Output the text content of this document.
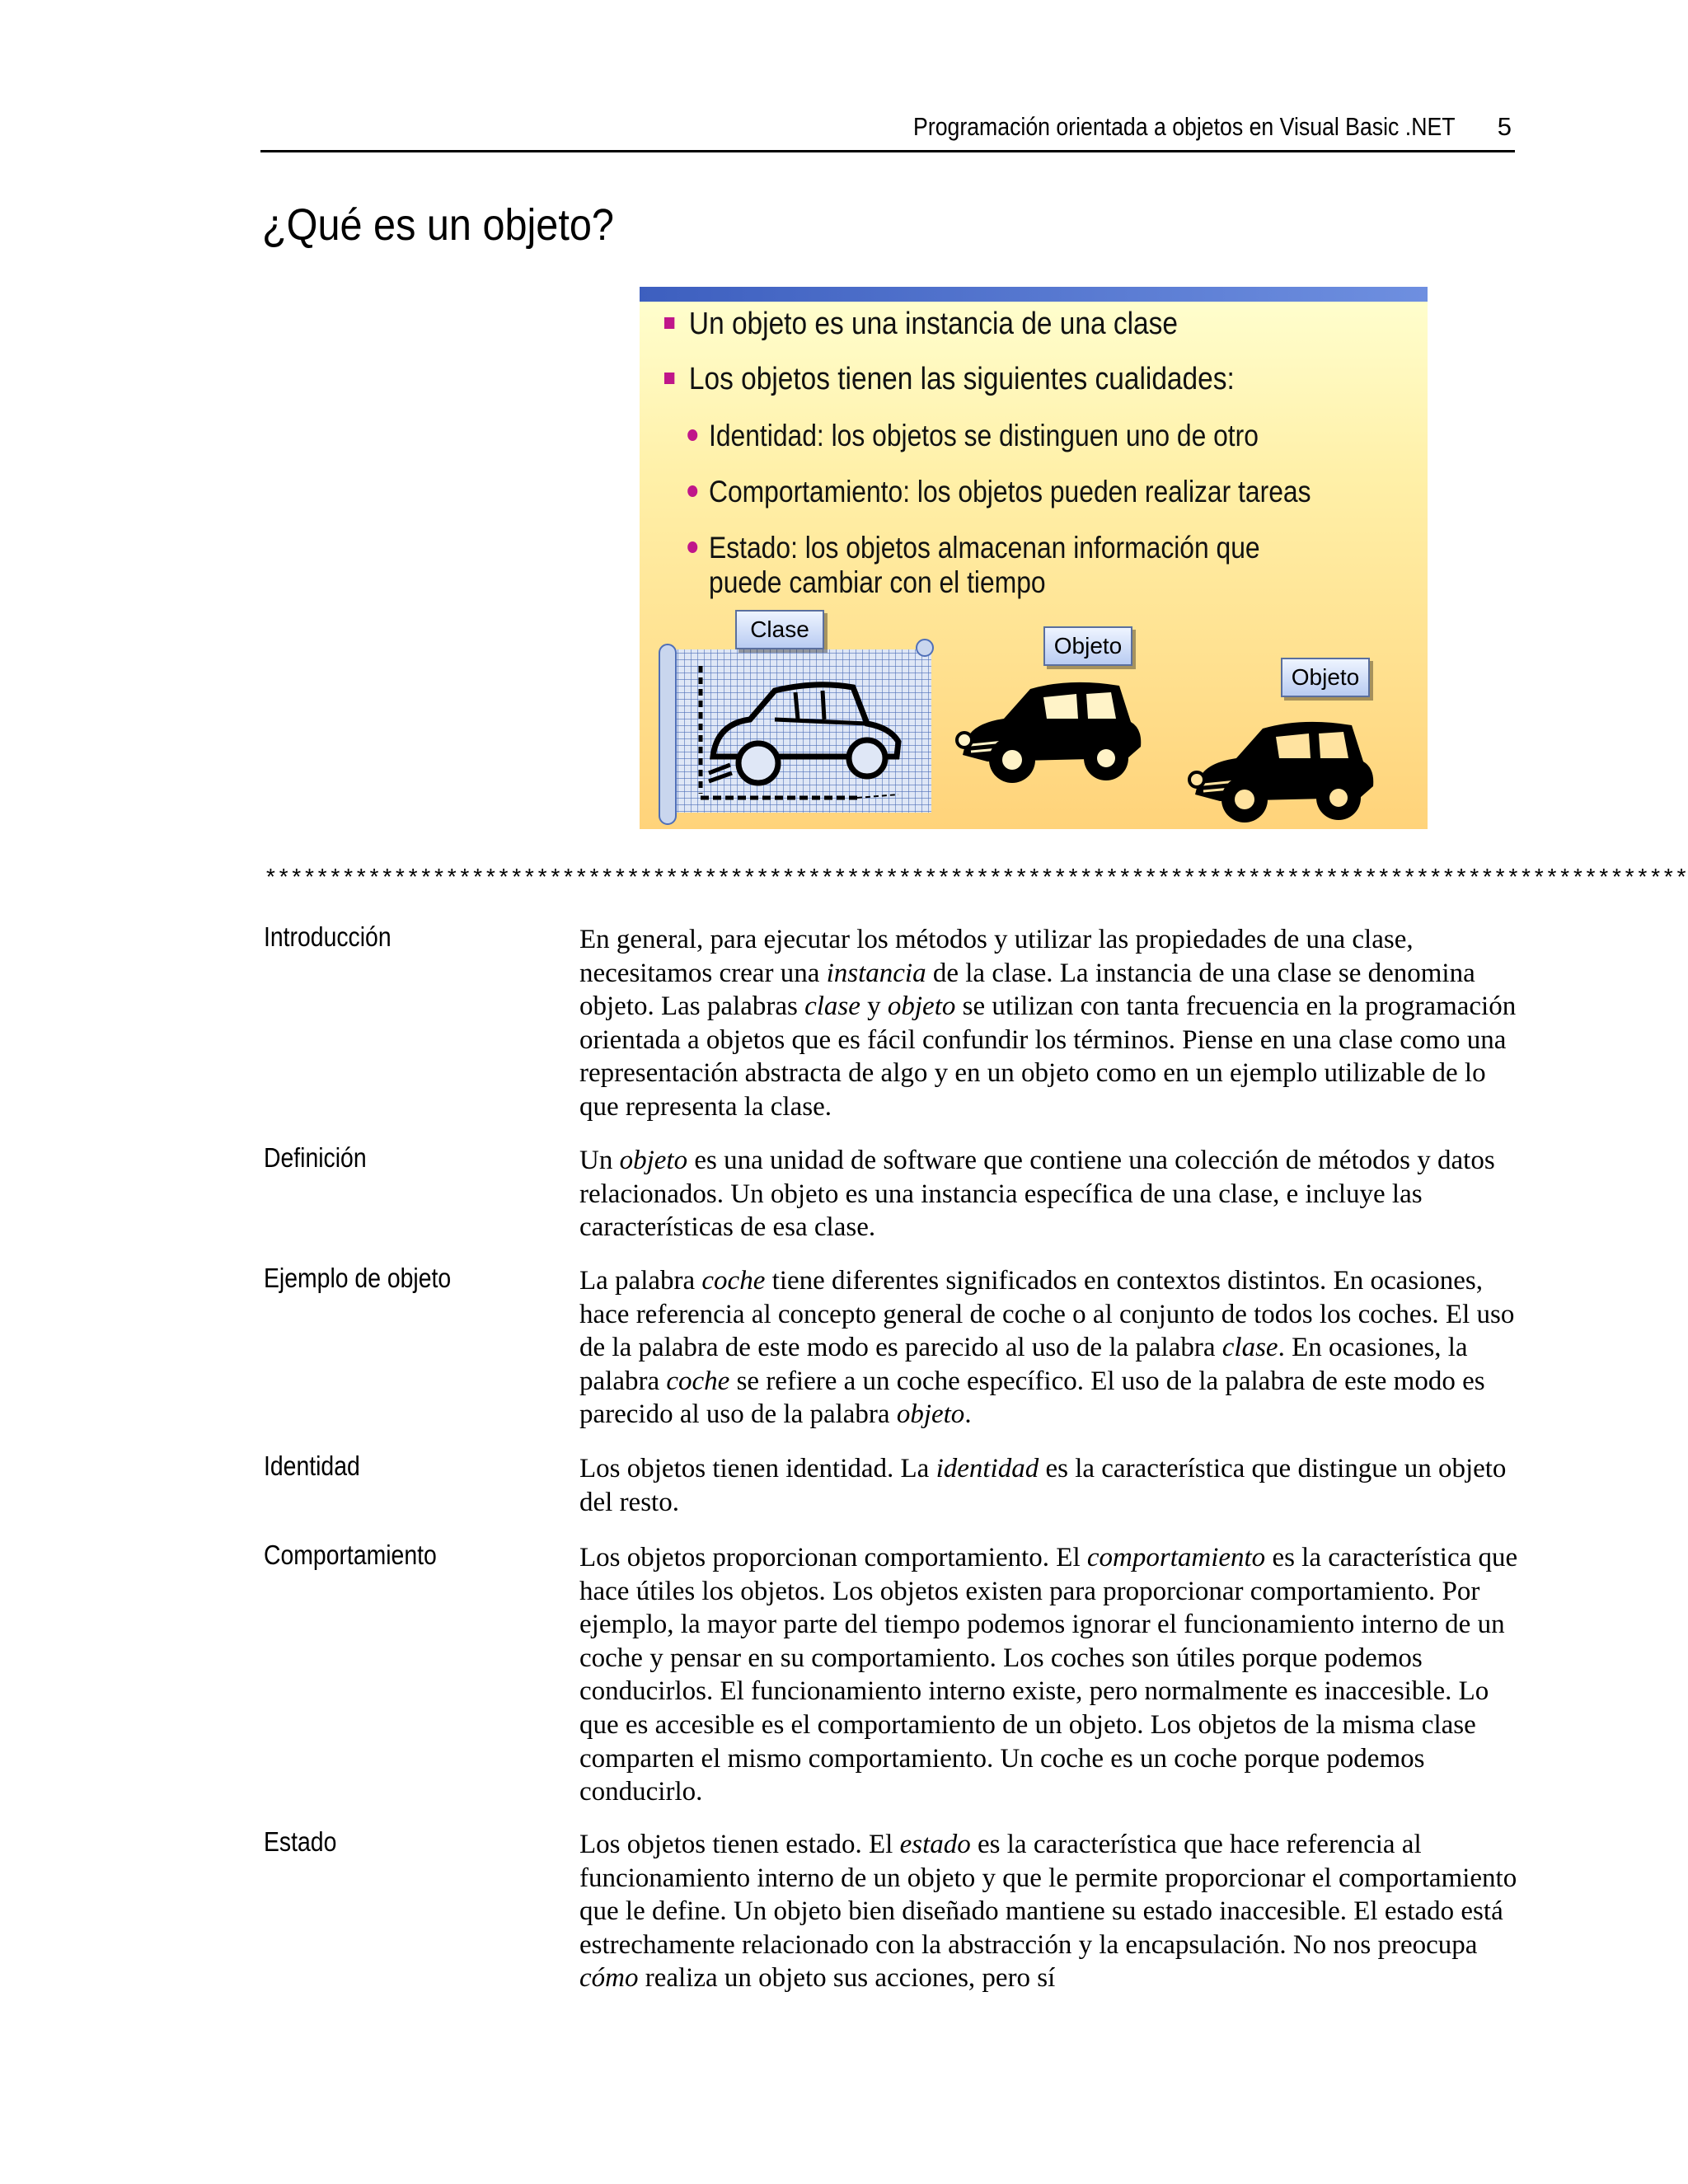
Programación orientada a objetos en Visual Basic .NET 5
¿Qué es un objeto?
Un objeto es una instancia de una clase
Los objetos tienen las siguientes cualidades:
Identidad: los objetos se distinguen uno de otro
Comportamiento: los objetos pueden realizar tareas
Estado: los objetos almacenan información que puede cambiar con el tiempo
Clase
Objeto
Objeto
**************************************************************************************************************
Introducción	En general, para ejecutar los métodos y utilizar las propiedades de una clase, necesitamos crear una instancia de la clase. La instancia de una clase se denomina objeto. Las palabras clase y objeto se utilizan con tanta frecuencia en la programación orientada a objetos que es fácil confundir los términos. Piense en una clase como una representación abstracta de algo y en un objeto como en un ejemplo utilizable de lo que representa la clase.
Definición	Un objeto es una unidad de software que contiene una colección de métodos y datos relacionados. Un objeto es una instancia específica de una clase, e incluye las características de esa clase.
Ejemplo de objeto	La palabra coche tiene diferentes significados en contextos distintos. En ocasiones, hace referencia al concepto general de coche o al conjunto de todos los coches. El uso de la palabra de este modo es parecido al uso de la palabra clase. En ocasiones, la palabra coche se refiere a un coche específico. El uso de la palabra de este modo es parecido al uso de la palabra objeto.
Identidad	Los objetos tienen identidad. La identidad es la característica que distingue un objeto del resto.
Comportamiento	Los objetos proporcionan comportamiento. El comportamiento es la característica que hace útiles los objetos. Los objetos existen para proporcionar comportamiento. Por ejemplo, la mayor parte del tiempo podemos ignorar el funcionamiento interno de un coche y pensar en su comportamiento. Los coches son útiles porque podemos conducirlos. El funcionamiento interno existe, pero normalmente es inaccesible. Lo que es accesible es el comportamiento de un objeto. Los objetos de la misma clase comparten el mismo comportamiento. Un coche es un coche porque podemos conducirlo.
Estado	Los objetos tienen estado. El estado es la característica que hace referencia al funcionamiento interno de un objeto y que le permite proporcionar el comportamiento que le define. Un objeto bien diseñado mantiene su estado inaccesible. El estado está estrechamente relacionado con la abstracción y la encapsulación. No nos preocupa cómo realiza un objeto sus acciones, pero sí
